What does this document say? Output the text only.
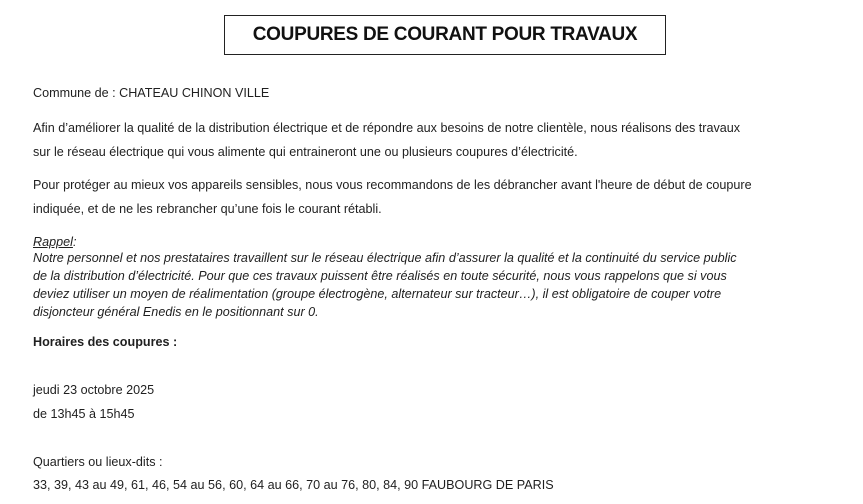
COUPURES DE COURANT POUR TRAVAUX
Commune de : CHATEAU CHINON VILLE
Afin d’améliorer la qualité de la distribution électrique et de répondre aux besoins de notre clientèle, nous réalisons des travaux
sur le réseau électrique qui vous alimente qui entraineront une ou plusieurs coupures d’électricité.
Pour protéger au mieux vos appareils sensibles, nous vous recommandons de les débrancher avant l'heure de début de coupure
indiquée, et de ne les rebrancher qu’une fois le courant rétabli.
Rappel :
Notre personnel et nos prestataires travaillent sur le réseau électrique afin d’assurer la qualité et la continuité du service public
de la distribution d’électricité. Pour que ces travaux puissent être réalisés en toute sécurité, nous vous rappelons que si vous
deviez utiliser un moyen de réalimentation (groupe électrogène, alternateur sur tracteur…), il est obligatoire de couper votre
disjoncteur général Enedis en le positionnant sur 0.
Horaires des coupures :
jeudi 23 octobre 2025
de 13h45 à 15h45
Quartiers ou lieux-dits :
33, 39, 43 au 49, 61, 46, 54 au 56, 60, 64 au 66, 70 au 76, 80, 84, 90 FAUBOURG DE PARIS
